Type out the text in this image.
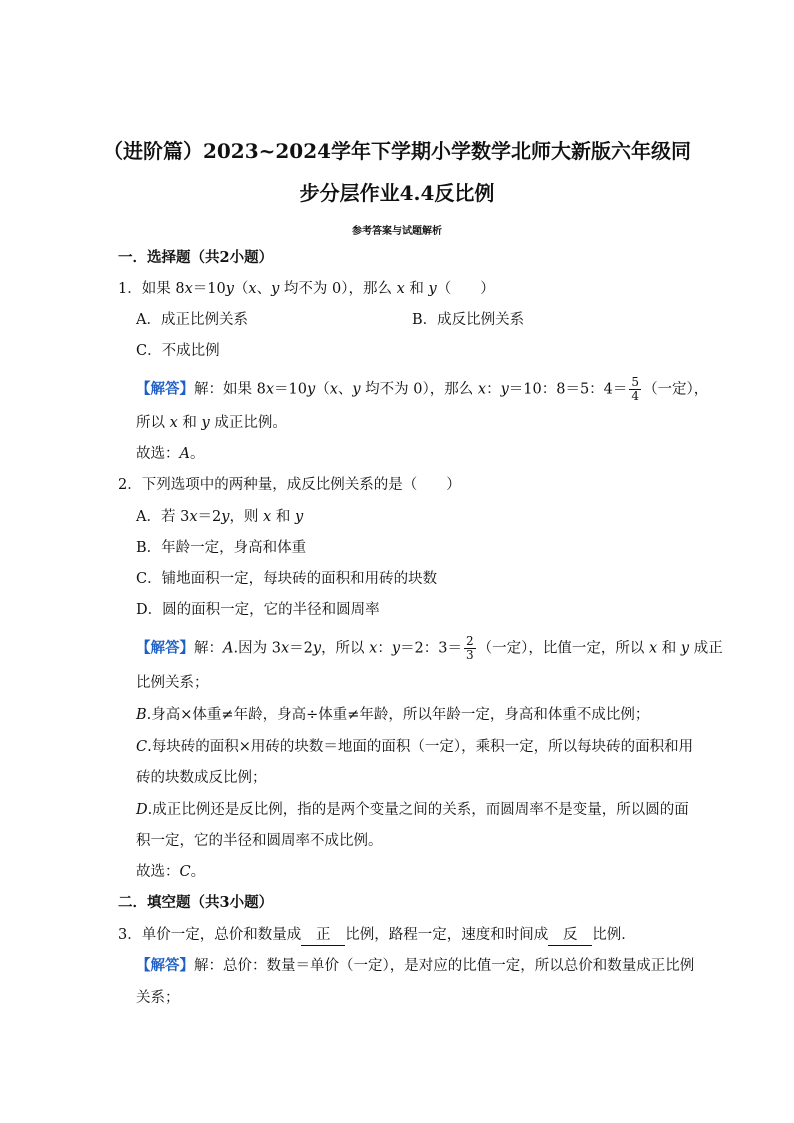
（进阶篇）2023~2024学年下学期小学数学北师大新版六年级同
步分层作业4.4反比例
参考答案与试题解析
一．选择题（共2小题）
1．如果 8x＝10y（x、y 均不为 0），那么 x 和 y（　　）
A．成正比例关系	B．成反比例关系
C．不成比例
【解答】解：如果 8x＝10y（x、y 均不为 0），那么 x：y＝10：8＝5：$4= \frac{5}{4}$ （一定），
所以 x 和 y 成正比例。
故选：A。
2．下列选项中的两种量，成反比例关系的是（　　）
A．若 3x＝2y，则 x 和 y
B．年龄一定，身高和体重
C．铺地面积一定，每块砖的面积和用砖的块数
D．圆的面积一定，它的半径和圆周率
【解答】解：A.因为 3x＝2y，所以 x：y＝2：$3= \frac{2}{3}$ （一定），比值一定，所以 x 和 y 成正
比例关系；
B.身高×体重≠年龄，身高÷体重≠年龄，所以年龄一定，身高和体重不成比例；
C.每块砖的面积×用砖的块数＝地面的面积（一定），乘积一定，所以每块砖的面积和用
砖的块数成反比例；
D.成正比例还是反比例，指的是两个变量之间的关系，而圆周率不是变量，所以圆的面
积一定，它的半径和圆周率不成比例。
故选：C。
二．填空题（共3小题）
3．单价一定，总价和数量成 正 比例，路程一定，速度和时间成 反 比例．
【解答】解：总价：数量＝单价（一定），是对应的比值一定，所以总价和数量成正比例
关系；
